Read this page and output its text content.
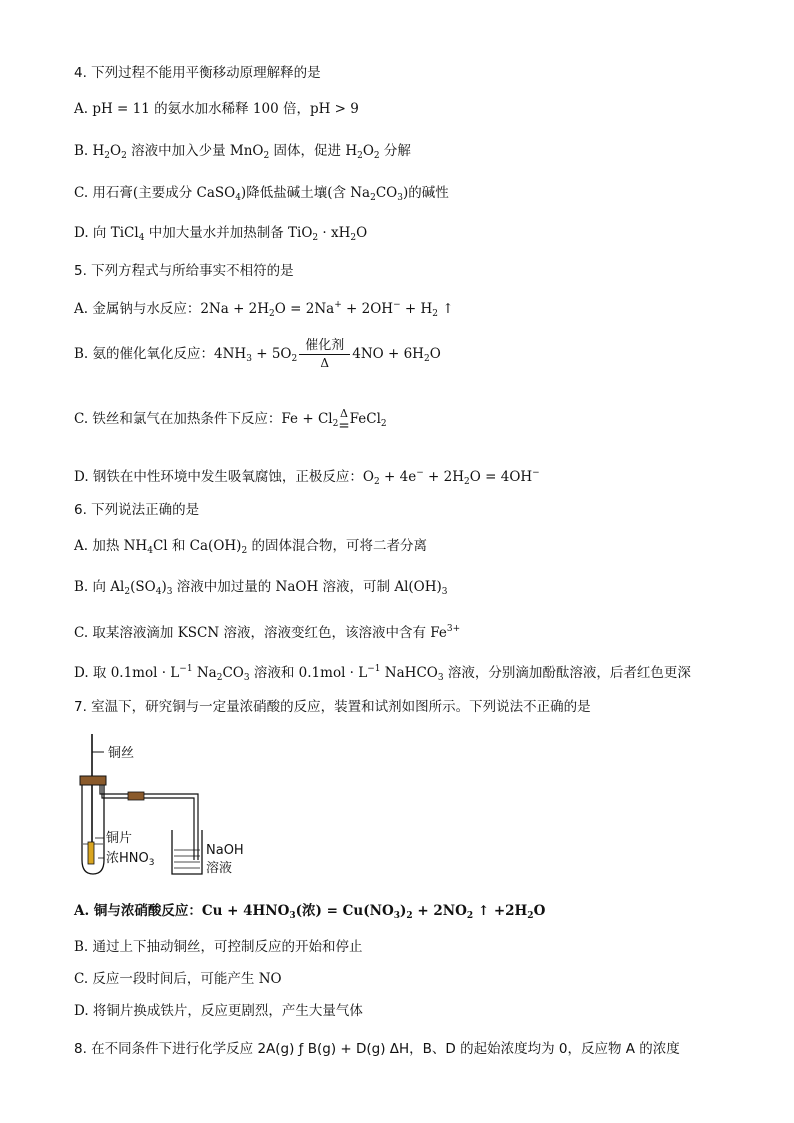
4. 下列过程不能用平衡移动原理解释的是
A. pH = 11 的氨水加水稀释 100 倍，pH > 9
B. $H_2O_2$ 溶液中加入少量 MnO$_2$ 固体，促进 $H_2O_2$ 分解
C. 用石膏(主要成分 CaSO$_4$)降低盐碱土壤(含 $Na_2CO_3$)的碱性
D. 向 TiCl$_4$ 中加大量水并加热制备 $TiO_2 \cdot xH_2O$
5. 下列方程式与所给事实不相符的是
A. 金属钠与水反应：$2Na + 2H_2O = 2Na^+ + 2OH^- + H_2$ ↑
B. 氨的催化氧化反应：$4NH_3 + 5O_2 \frac{\text{催化剂}}{\Delta} 4NO + 6H_2O$
C. 铁丝和氯气在加热条件下反应：$Fe + Cl_2$
Δ
= FeCl$_2$
D. 钢铁在中性环境中发生吸氧腐蚀，正极反应：$O_2 + 4e^- + 2H_2O = 4OH^-$
6. 下列说法正确的是
A. 加热 $NH_4Cl$ 和 $Ca(OH)_2$ 的固体混合物，可将二者分离
B. 向 $Al_2(SO_4)_3$ 溶液中加过量的 NaOH 溶液，可制 $Al(OH)_3$
C. 取某溶液滴加 KSCN 溶液，溶液变红色，该溶液中含有 $Fe^{3+}$
D. 取 $0.1mol \cdot L^{-1}$ $Na_2CO_3$ 溶液和 $0.1mol \cdot L^{-1}$ NaHCO$_3$ 溶液，分别滴加酚酞溶液，后者红色更深
7. 室温下，研究铜与一定量浓硝酸的反应，装置和试剂如图所示。下列说法不正确的是
铜丝
铜片
浓$HNO_3$
NaOH
溶液
A. 铜与浓硝酸反应：$Cu + 4HNO_3$(浓) = $Cu(NO_3)_2 + 2NO_2$ ↑ $+2H_2O$
B. 通过上下抽动铜丝，可控制反应的开始和停止
C. 反应一段时间后，可能产生 NO
D. 将铜片换成铁片，反应更剧烈，产生大量气体
8. 在不同条件下进行化学反应 2A(g) ƒ B(g) + D(g) ΔH，B、D 的起始浓度均为 0，反应物 A 的浓度
